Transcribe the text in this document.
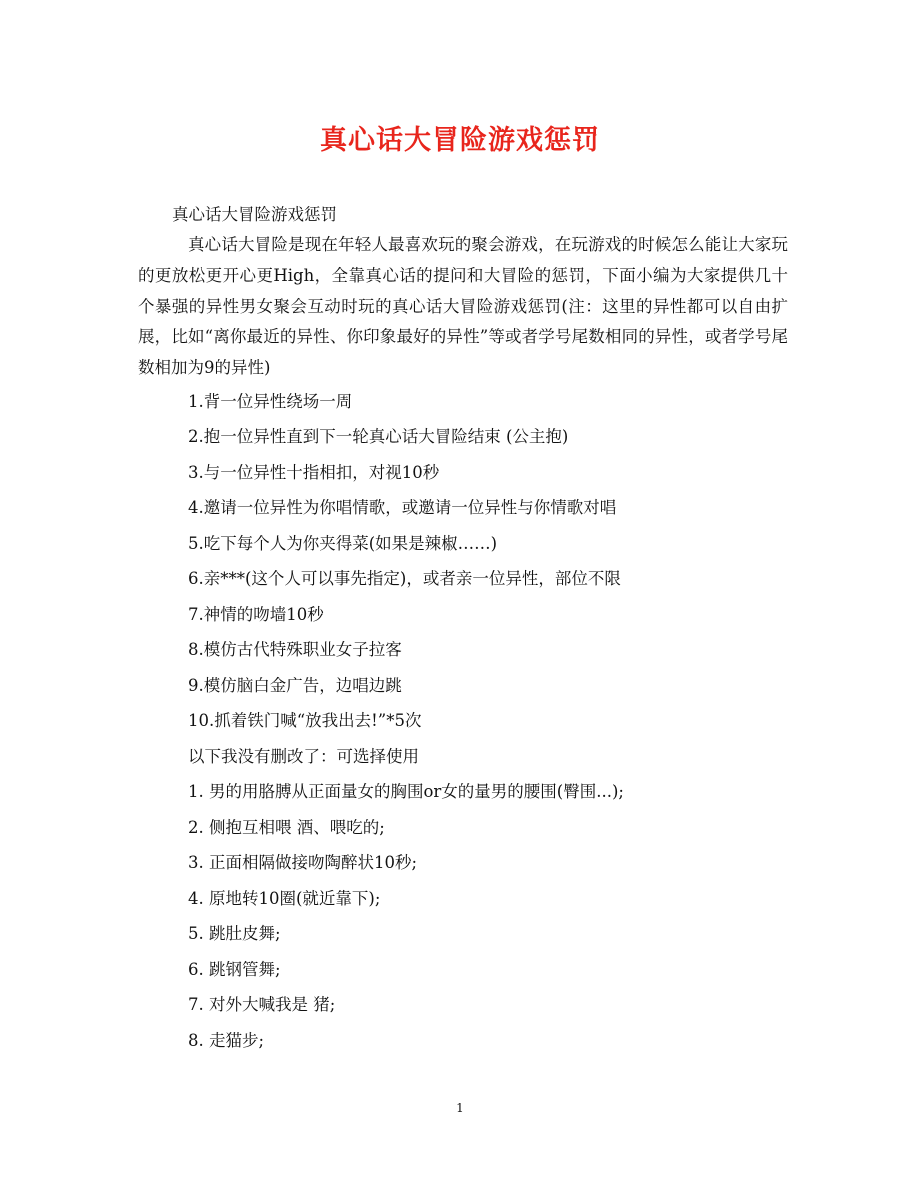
真心话大冒险游戏惩罚
真心话大冒险游戏惩罚

真心话大冒险是现在年轻人最喜欢玩的聚会游戏，在玩游戏的时候怎么能让大家玩的更放松更开心更High，全靠真心话的提问和大冒险的惩罚，下面小编为大家提供几十个暴强的异性男女聚会互动时玩的真心话大冒险游戏惩罚(注：这里的异性都可以自由扩展，比如“离你最近的异性、你印象最好的异性”等或者学号尾数相同的异性，或者学号尾数相加为9的异性)

1.背一位异性绕场一周
2.抱一位异性直到下一轮真心话大冒险结束 (公主抱)
3.与一位异性十指相扣，对视10秒
4.邀请一位异性为你唱情歌，或邀请一位异性与你情歌对唱
5.吃下每个人为你夹得菜(如果是辣椒……)
6.亲***(这个人可以事先指定)，或者亲一位异性，部位不限
7.神情的吻墙10秒
8.模仿古代特殊职业女子拉客
9.模仿脑白金广告，边唱边跳
10.抓着铁门喊“放我出去!”*5次
以下我没有删改了：可选择使用
1. 男的用胳膊从正面量女的胸围or女的量男的腰围(臀围...);
2. 侧抱互相喂 酒、喂吃的;
3. 正面相隔做接吻陶醉状10秒;
4. 原地转10圈(就近靠下);
5. 跳肚皮舞;
6. 跳钢管舞;
7. 对外大喊我是 猪;
8. 走猫步;
1
